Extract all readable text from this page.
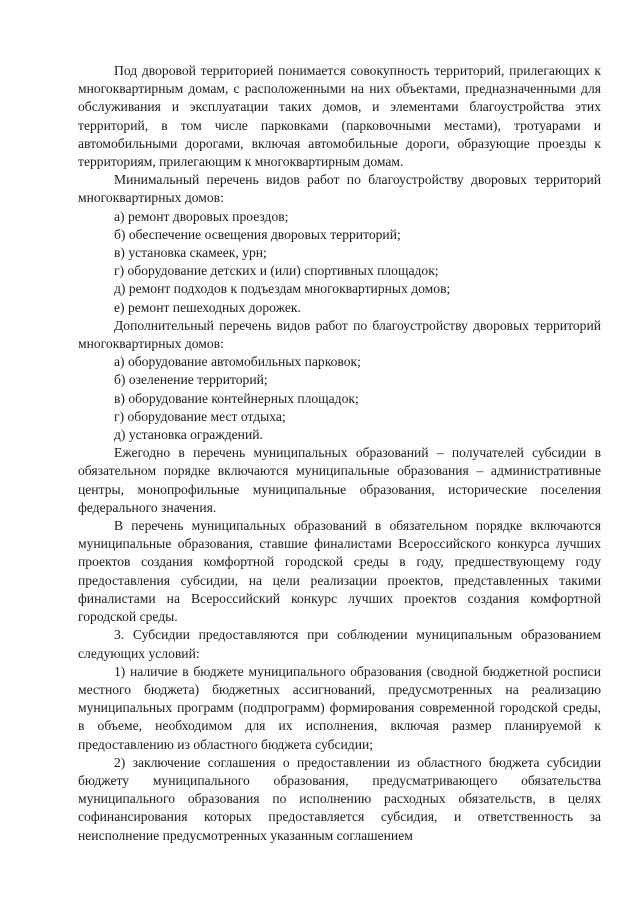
Под дворовой территорией понимается совокупность территорий, прилегающих к многоквартирным домам, с расположенными на них объектами, предназначенными для обслуживания и эксплуатации таких домов, и элементами благоустройства этих территорий, в том числе парковками (парковочными местами), тротуарами и автомобильными дорогами, включая автомобильные дороги, образующие проезды к территориям, прилегающим к многоквартирным домам.

Минимальный перечень видов работ по благоустройству дворовых территорий многоквартирных домов:

а) ремонт дворовых проездов;

б) обеспечение освещения дворовых территорий;

в) установка скамеек, урн;

г) оборудование детских и (или) спортивных площадок;

д) ремонт подходов к подъездам многоквартирных домов;

е) ремонт пешеходных дорожек.

Дополнительный перечень видов работ по благоустройству дворовых территорий многоквартирных домов:

а) оборудование автомобильных парковок;

б) озеленение территорий;

в) оборудование контейнерных площадок;

г) оборудование мест отдыха;

д) установка ограждений.

Ежегодно в перечень муниципальных образований – получателей субсидии в обязательном порядке включаются муниципальные образования – административные центры, монопрофильные муниципальные образования, исторические поселения федерального значения.

В перечень муниципальных образований в обязательном порядке включаются муниципальные образования, ставшие финалистами Всероссийского конкурса лучших проектов создания комфортной городской среды в году, предшествующему году предоставления субсидии, на цели реализации проектов, представленных такими финалистами на Всероссийский конкурс лучших проектов создания комфортной городской среды.

3. Субсидии предоставляются при соблюдении муниципальным образованием следующих условий:

1) наличие в бюджете муниципального образования (сводной бюджетной росписи местного бюджета) бюджетных ассигнований, предусмотренных на реализацию муниципальных программ (подпрограмм) формирования современной городской среды, в объеме, необходимом для их исполнения, включая размер планируемой к предоставлению из областного бюджета субсидии;

2) заключение соглашения о предоставлении из областного бюджета субсидии бюджету муниципального образования, предусматривающего обязательства муниципального образования по исполнению расходных обязательств, в целях софинансирования которых предоставляется субсидия, и ответственность за неисполнение предусмотренных указанным соглашением
